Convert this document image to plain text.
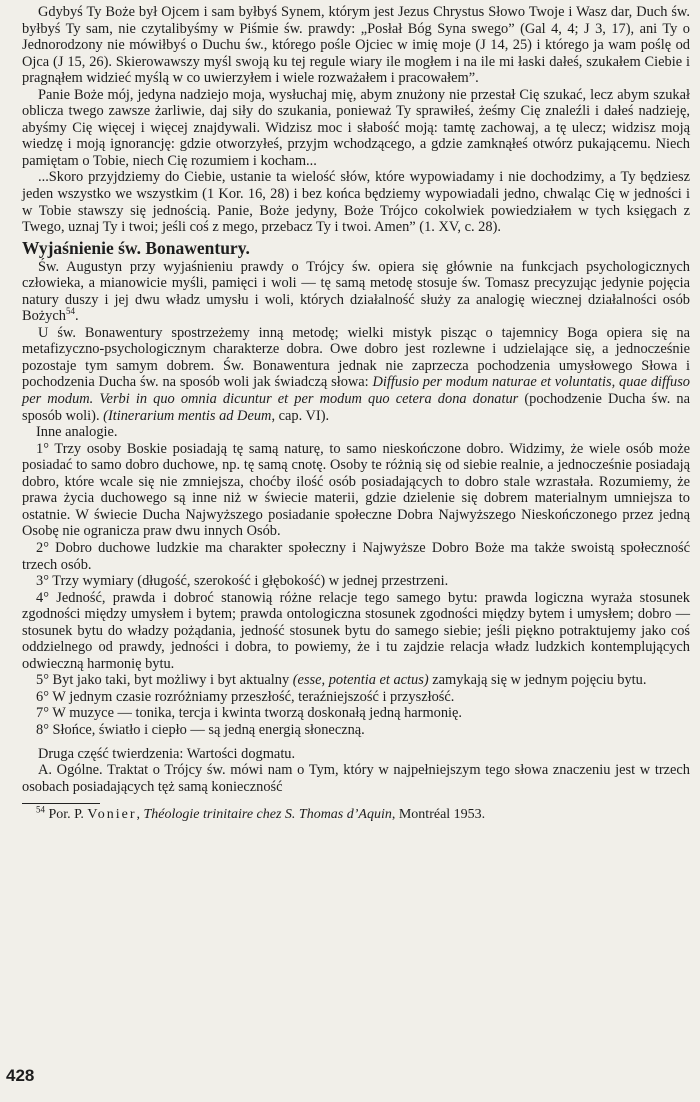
Gdybyś Ty Boże był Ojcem i sam byłbyś Synem, którym jest Jezus Chrystus Słowo Twoje i Wasz dar, Duch św. byłbyś Ty sam, nie czytalibyśmy w Piśmie św. prawdy: „Posłał Bóg Syna swego” (Gal 4, 4; J 3, 17), ani Ty o Jednorodzony nie mówiłbyś o Duchu św., którego pośle Ojciec w imię moje (J 14, 25) i którego ja wam poślę od Ojca (J 15, 26). Skierowawszy myśl swoją ku tej regule wiary ile mogłem i na ile mi łaski dałeś, szukałem Ciebie i pragnąłem widzieć myślą w co uwierzyłem i wiele rozważałem i pracowałem”.

Panie Boże mój, jedyna nadziejo moja, wysłuchaj mię, abym znużony nie przestał Cię szukać, lecz abym szukał oblicza twego zawsze żarliwie, daj siły do szukania, ponieważ Ty sprawiłeś, żeśmy Cię znaleźli i dałeś nadzieję, abyśmy Cię więcej i więcej znajdywali. Widzisz moc i słabość moją: tamtę zachowaj, a tę ulecz; widzisz moją wiedzę i moją ignorancję: gdzie otworzyłeś, przyjm wchodzącego, a gdzie zamknąłeś otwórz pukającemu. Niech pamiętam o Tobie, niech Cię rozumiem i kocham...

...Skoro przyjdziemy do Ciebie, ustanie ta wielość słów, które wypowiadamy i nie dochodzimy, a Ty będziesz jeden wszystko we wszystkim (1 Kor. 16, 28) i bez końca będziemy wypowiadali jedno, chwaląc Cię w jedności i w Tobie stawszy się jednością. Panie, Boże jedyny, Boże Trójco cokolwiek powiedziałem w tych księgach z Twego, uznaj Ty i twoi; jeśli coś z mego, przebacz Ty i twoi. Amen” (1. XV, c. 28).

Wyjaśnienie św. Bonawentury.

Św. Augustyn przy wyjaśnieniu prawdy o Trójcy św. opiera się głównie na funkcjach psychologicznych człowieka, a mianowicie myśli, pamięci i woli — tę samą metodę stosuje św. Tomasz precyzując jedynie pojęcia natury duszy i jej dwu władz umysłu i woli, których działalność służy za analogię wiecznej działalności osób Bożych$^{54}$.

U św. Bonawentury spostrzeżemy inną metodę; wielki mistyk pisząc o tajemnicy Boga opiera się na metafizyczno-psychologicznym charakterze dobra. Owe dobro jest rozlewne i udzielające się, a jednocześnie pozostaje tym samym dobrem. Św. Bonawentura jednak nie zaprzecza pochodzenia umysłowego Słowa i pochodzenia Ducha św. na sposób woli jak świadczą słowa: Diffusio per modum naturae et voluntatis, quae diffuso per modum. Verbi in quo omnia dicuntur et per modum quo cetera dona donatur (pochodzenie Ducha św. na sposób woli). (Itinerarium mentis ad Deum, cap. VI).

Inne analogie.

1° Trzy osoby Boskie posiadają tę samą naturę, to samo nieskończone dobro. Widzimy, że wiele osób może posiadać to samo dobro duchowe, np. tę samą cnotę. Osoby te różnią się od siebie realnie, a jednocześnie posiadają dobro, które wcale się nie zmniejsza, choćby ilość osób posiadających to dobro stale wzrastała. Rozumiemy, że prawa życia duchowego są inne niż w świecie materii, gdzie dzielenie się dobrem materialnym umniejsza to ostatnie. W świecie Ducha Najwyższego posiadanie społeczne Dobra Najwyższego Nieskończonego przez jedną Osobę nie ogranicza praw dwu innych Osób.

2° Dobro duchowe ludzkie ma charakter społeczny i Najwyższe Dobro Boże ma także swoistą społeczność trzech osób.

3° Trzy wymiary (długość, szerokość i głębokość) w jednej przestrzeni.

4° Jedność, prawda i dobroć stanowią różne relacje tego samego bytu: prawda logiczna wyraża stosunek zgodności między umysłem i bytem; prawda ontologiczna stosunek zgodności między bytem i umysłem; dobro — stosunek bytu do władzy pożądania, jedność stosunek bytu do samego siebie; jeśli piękno potraktujemy jako coś oddzielnego od prawdy, jedności i dobra, to powiemy, że i tu zajdzie relacja władz ludzkich kontemplujących odwieczną harmonię bytu.

5° Byt jako taki, byt możliwy i byt aktualny (esse, potentia et actus) zamykają się w jednym pojęciu bytu.

6° W jednym czasie rozróżniamy przeszłość, teraźniejszość i przyszłość.

7° W muzyce — tonika, tercja i kwinta tworzą doskonałą jedną harmonię.

8° Słońce, światło i ciepło — są jedną energią słoneczną.

Druga część twierdzenia: Wartości dogmatu.

A. Ogólne. Traktat o Trójcy św. mówi nam o Tym, który w najpełniejszym tego słowa znaczeniu jest w trzech osobach posiadających tęż samą konieczność

$^{54}$ Por. P. Vonier, Théologie trinitaire chez S. Thomas d’Aquin, Montréal 1953.

428
